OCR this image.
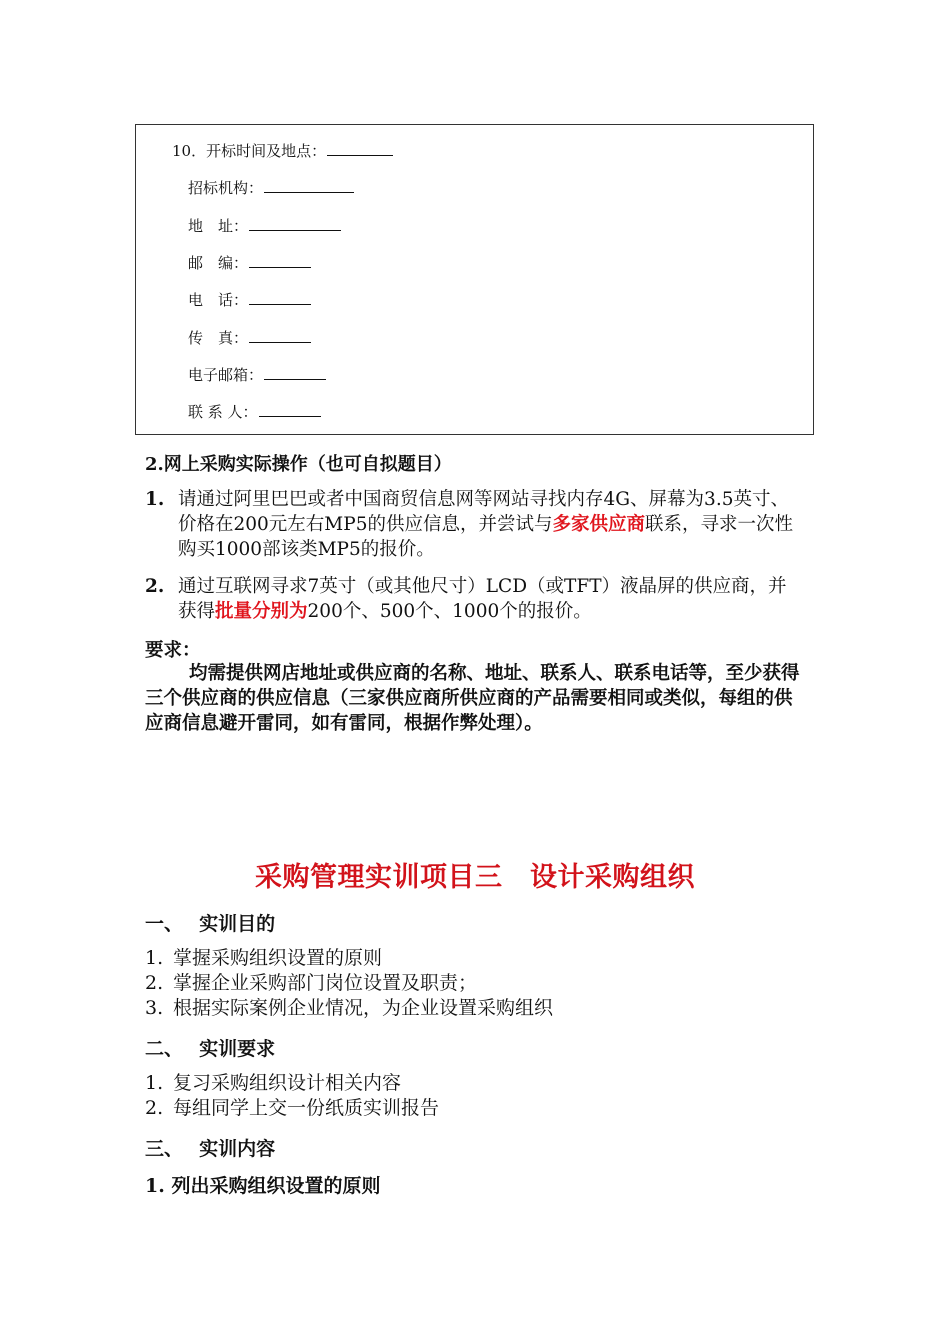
10．开标时间及地点：
招标机构：
地　址：
邮　编：
电　话：
传　真：
电子邮箱：
联 系 人：
2.网上采购实际操作（也可自拟题目）
1. 请通过阿里巴巴或者中国商贸信息网等网站寻找内存4G、屏幕为3.5英寸、价格在200元左右MP5的供应信息，并尝试与多家供应商联系，寻求一次性购买1000部该类MP5的报价。
2. 通过互联网寻求7英寸（或其他尺寸）LCD（或TFT）液晶屏的供应商，并获得批量分别为200个、500个、1000个的报价。
要求：
均需提供网店地址或供应商的名称、地址、联系人、联系电话等，至少获得三个供应商的供应信息（三家供应商所供应商的产品需要相同或类似，每组的供应商信息避开雷同，如有雷同，根据作弊处理）。
采购管理实训项目三　设计采购组织
一、　 实训目的
1. 掌握采购组织设置的原则
2. 掌握企业采购部门岗位设置及职责；
3. 根据实际案例企业情况，为企业设置采购组织
二、　 实训要求
1. 复习采购组织设计相关内容
2. 每组同学上交一份纸质实训报告
三、　 实训内容
1. 列出采购组织设置的原则
